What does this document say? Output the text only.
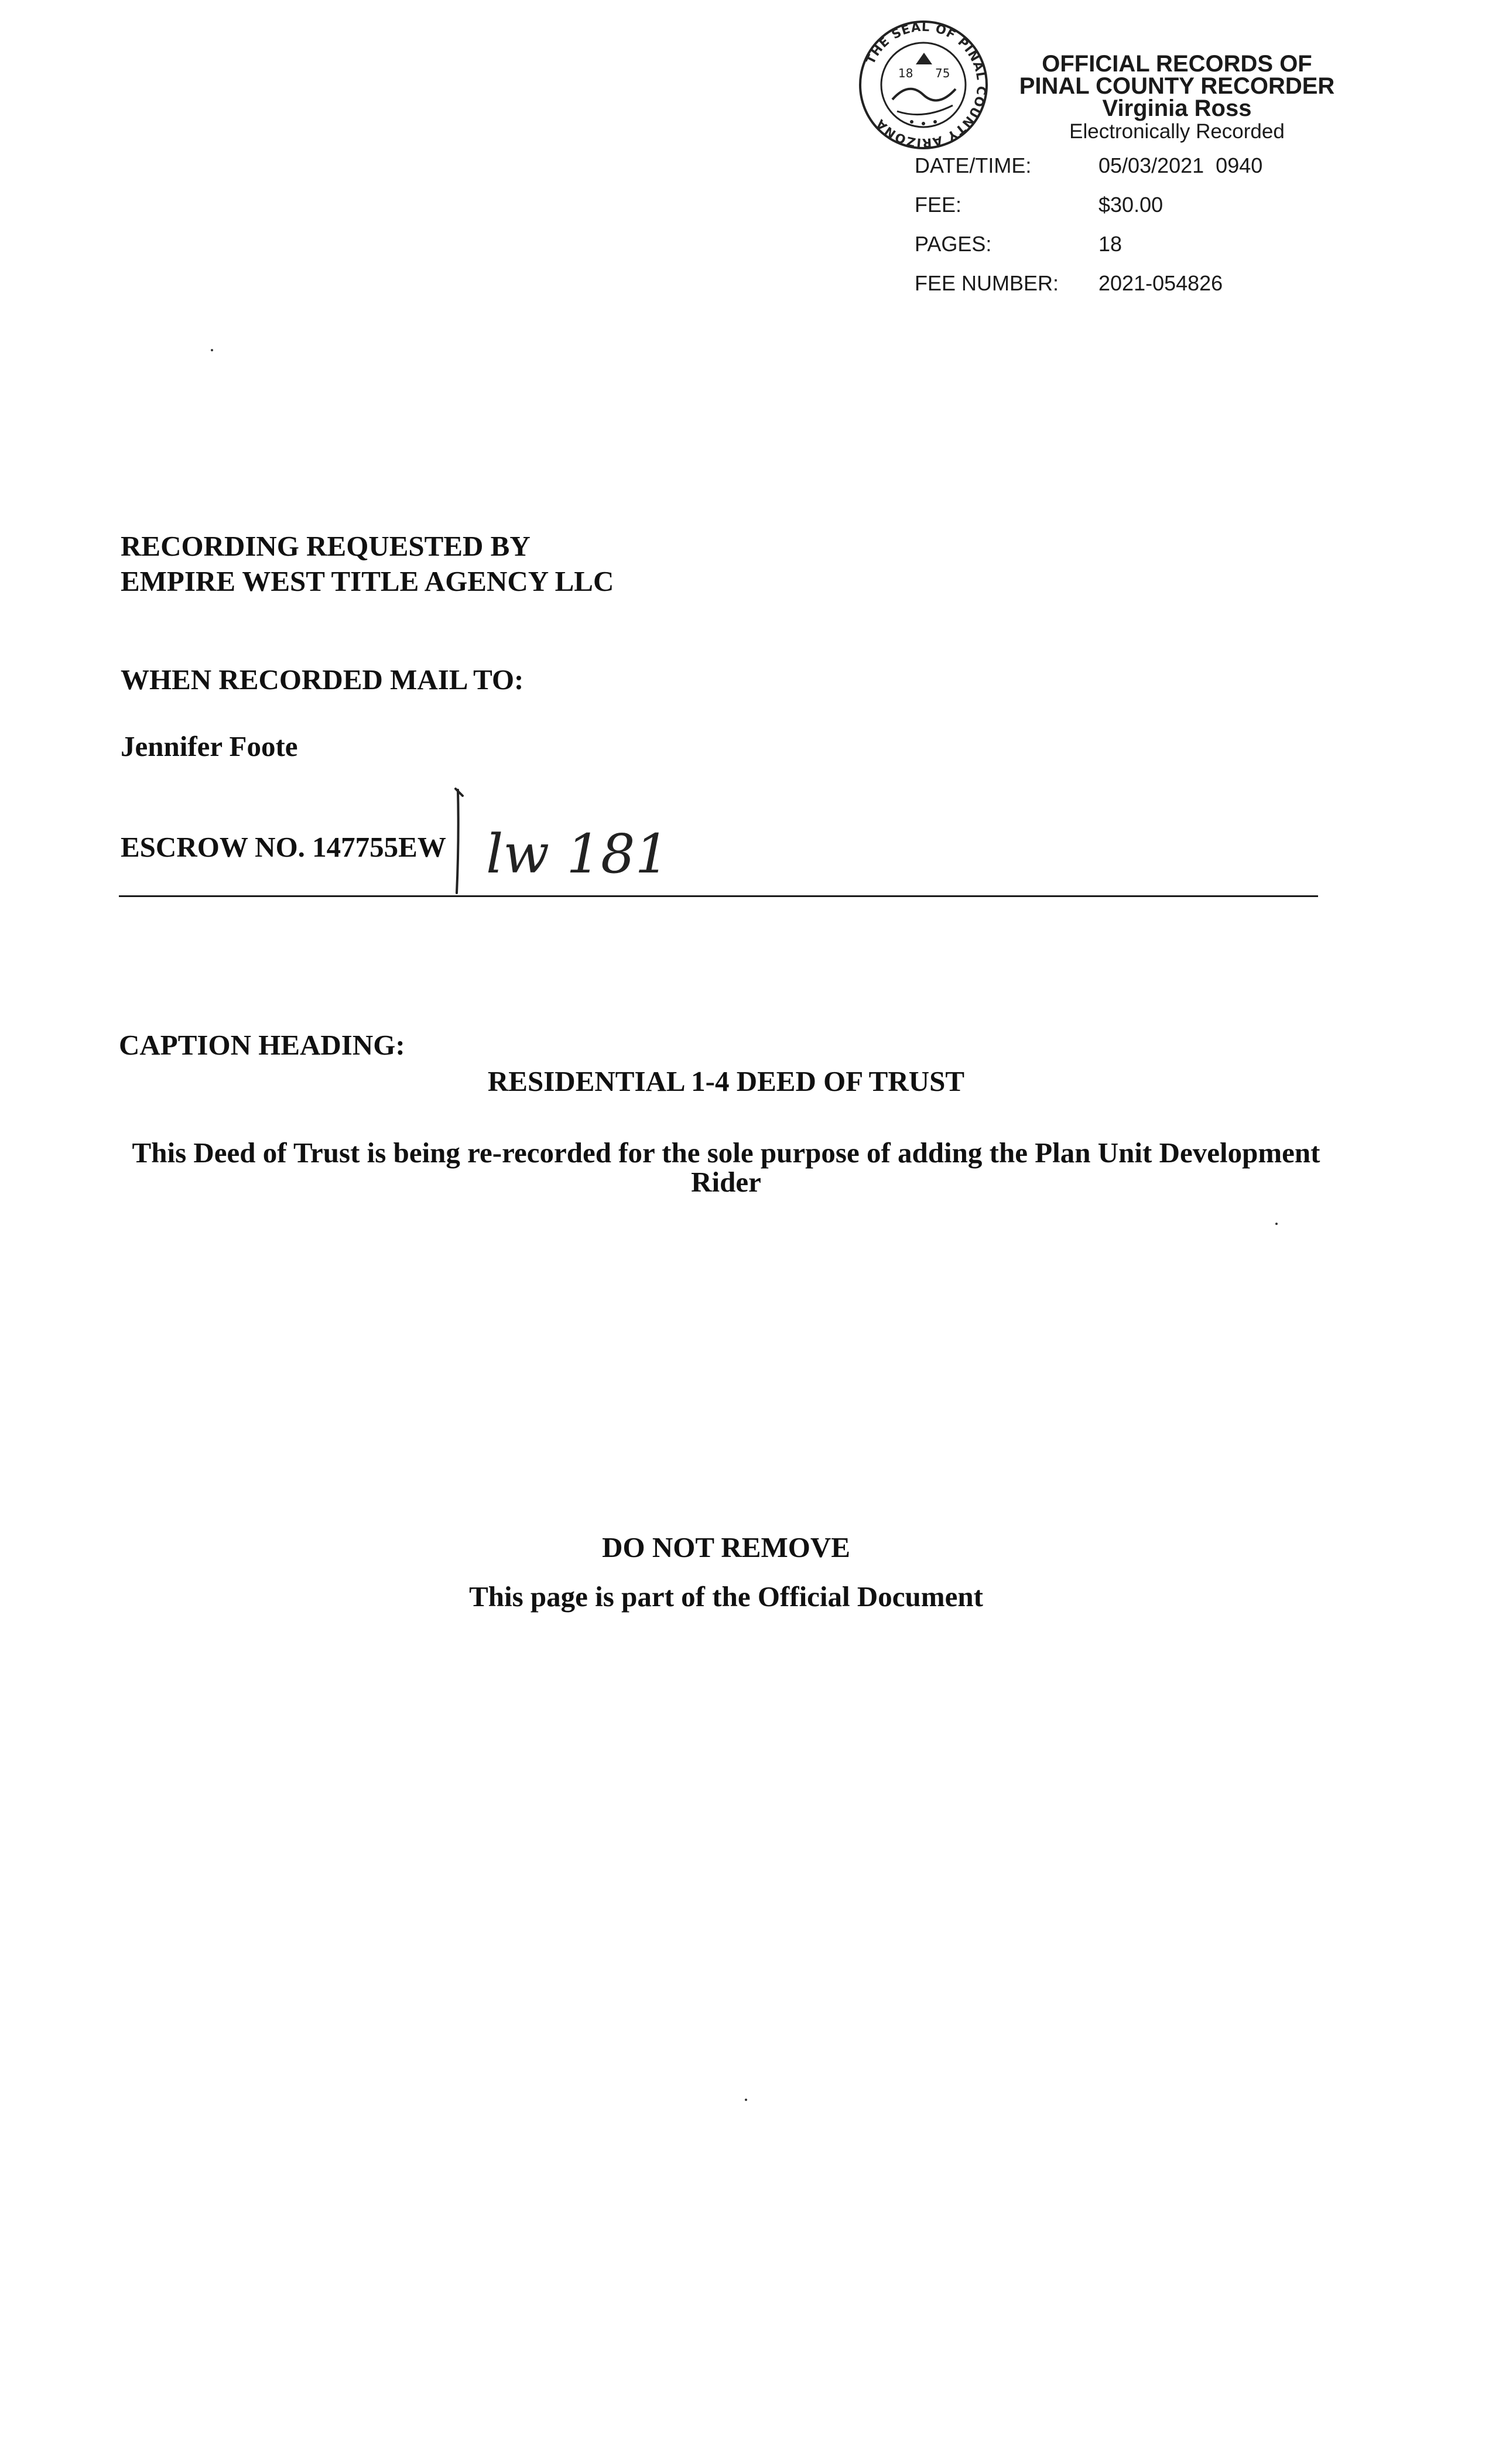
THE SEAL OF PINAL COUNTY ARIZONA
18 75	OFFICIAL RECORDS OF
PINAL COUNTY RECORDER
Virginia Ross
Electronically Recorded
DATE/TIME:	05/03/2021  0940
FEE:	$30.00
PAGES:	18
FEE NUMBER:	2021-054826
RECORDING REQUESTED BY
EMPIRE WEST TITLE AGENCY LLC
WHEN RECORDED MAIL TO:
Jennifer Foote
ESCROW NO. 147755EW lw 181
CAPTION HEADING:
RESIDENTIAL 1-4 DEED OF TRUST
This Deed of Trust is being re-recorded for the sole purpose of adding the Plan Unit Development
Rider
DO NOT REMOVE
This page is part of the Official Document
